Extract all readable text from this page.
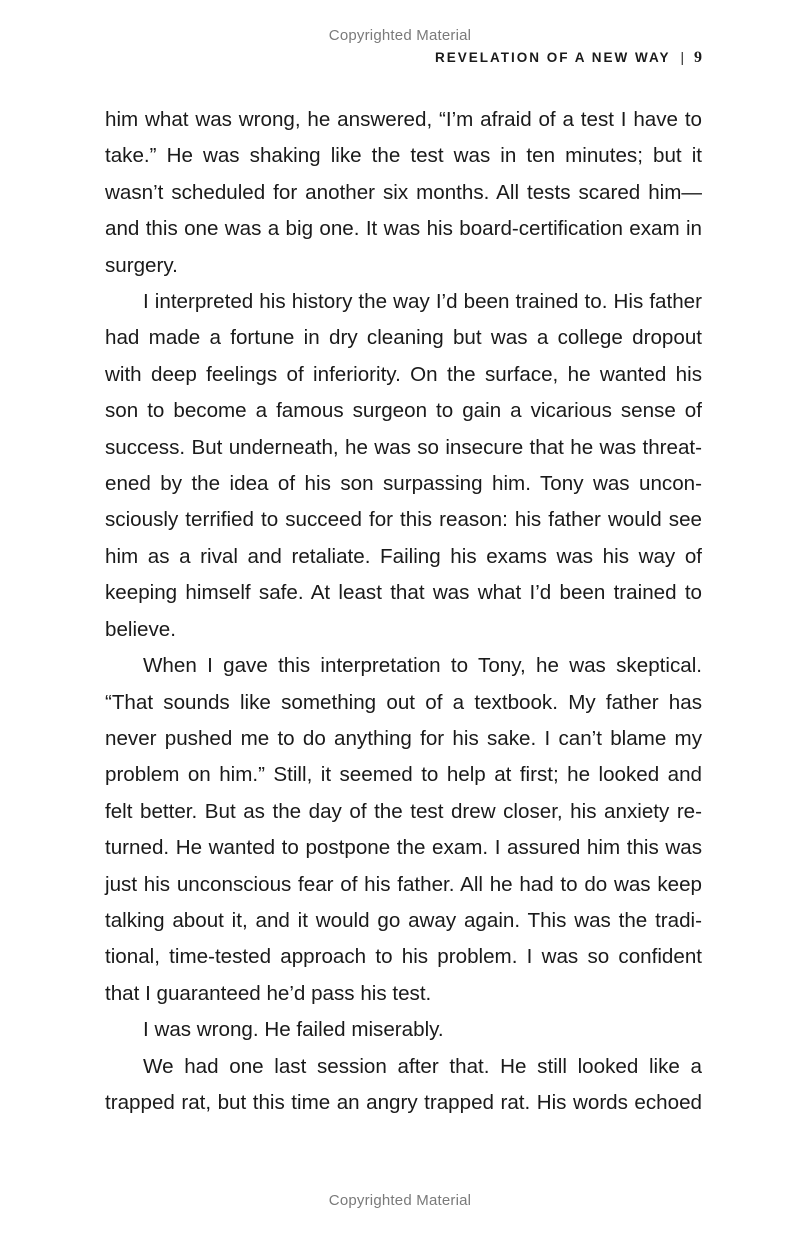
Copyrighted Material
REVELATION OF A NEW WAY | 9

him what was wrong, he answered, “I’m afraid of a test I have to take.” He was shaking like the test was in ten minutes; but it wasn’t scheduled for another six months. All tests scared him—and this one was a big one. It was his board-certification exam in surgery.

I interpreted his history the way I’d been trained to. His father had made a fortune in dry cleaning but was a college dropout with deep feelings of inferiority. On the surface, he wanted his son to become a famous surgeon to gain a vicarious sense of success. But underneath, he was so insecure that he was threatened by the idea of his son surpassing him. Tony was unconsciously terrified to succeed for this reason: his father would see him as a rival and retaliate. Failing his exams was his way of keeping himself safe. At least that was what I’d been trained to believe.

When I gave this interpretation to Tony, he was skeptical. “That sounds like something out of a textbook. My father has never pushed me to do anything for his sake. I can’t blame my problem on him.” Still, it seemed to help at first; he looked and felt better. But as the day of the test drew closer, his anxiety returned. He wanted to postpone the exam. I assured him this was just his unconscious fear of his father. All he had to do was keep talking about it, and it would go away again. This was the traditional, time-tested approach to his problem. I was so confident that I guaranteed he’d pass his test.

I was wrong. He failed miserably.

We had one last session after that. He still looked like a trapped rat, but this time an angry trapped rat. His words echoed

Copyrighted Material
